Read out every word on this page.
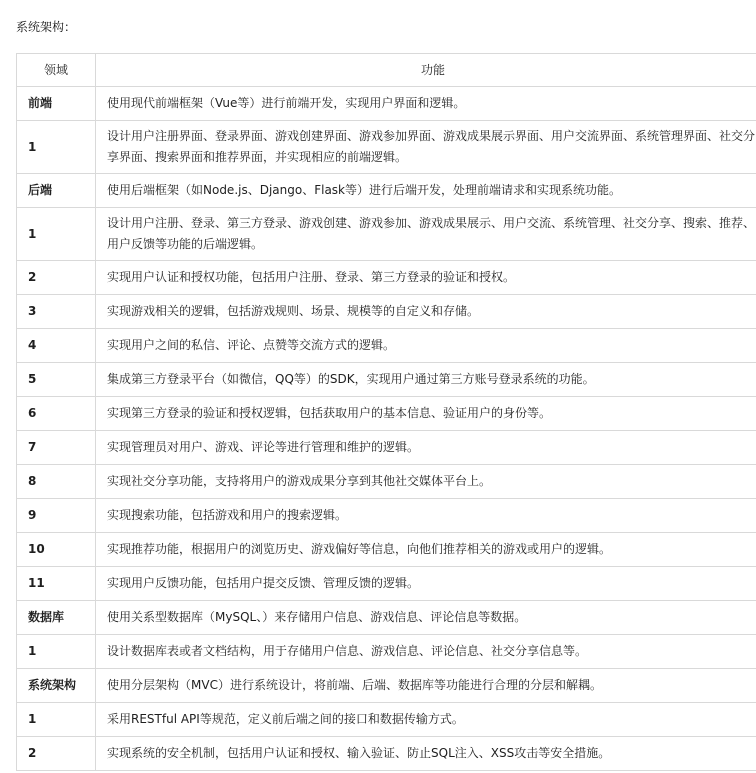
系统架构：
领域	功能
前端	使用现代前端框架（Vue等）进行前端开发，实现用户界面和逻辑。

1	设计用户注册界面、登录界面、游戏创建界面、游戏参加界面、游戏成果展示界面、用户交流界面、系统管理界面、社交分享界面、搜索界面和推荐界面，并实现相应的前端逻辑。

后端	使用后端框架（如Node.js、Django、Flask等）进行后端开发，处理前端请求和实现系统功能。

1	设计用户注册、登录、第三方登录、游戏创建、游戏参加、游戏成果展示、用户交流、系统管理、社交分享、搜索、推荐、用户反馈等功能的后端逻辑。

2	实现用户认证和授权功能，包括用户注册、登录、第三方登录的验证和授权。

3	实现游戏相关的逻辑，包括游戏规则、场景、规模等的自定义和存储。

4	实现用户之间的私信、评论、点赞等交流方式的逻辑。

5	集成第三方登录平台（如微信，QQ等）的SDK，实现用户通过第三方账号登录系统的功能。

6	实现第三方登录的验证和授权逻辑，包括获取用户的基本信息、验证用户的身份等。

7	实现管理员对用户、游戏、评论等进行管理和维护的逻辑。

8	实现社交分享功能，支持将用户的游戏成果分享到其他社交媒体平台上。

9	实现搜索功能，包括游戏和用户的搜索逻辑。

10	实现推荐功能，根据用户的浏览历史、游戏偏好等信息，向他们推荐相关的游戏或用户的逻辑。

11	实现用户反馈功能，包括用户提交反馈、管理反馈的逻辑。

数据库	使用关系型数据库（MySQL、）来存储用户信息、游戏信息、评论信息等数据。

1	设计数据库表或者文档结构，用于存储用户信息、游戏信息、评论信息、社交分享信息等。

系统架构	使用分层架构（MVC）进行系统设计，将前端、后端、数据库等功能进行合理的分层和解耦。

1	采用RESTful API等规范，定义前后端之间的接口和数据传输方式。

2	实现系统的安全机制，包括用户认证和授权、输入验证、防止SQL注入、XSS攻击等安全措施。
